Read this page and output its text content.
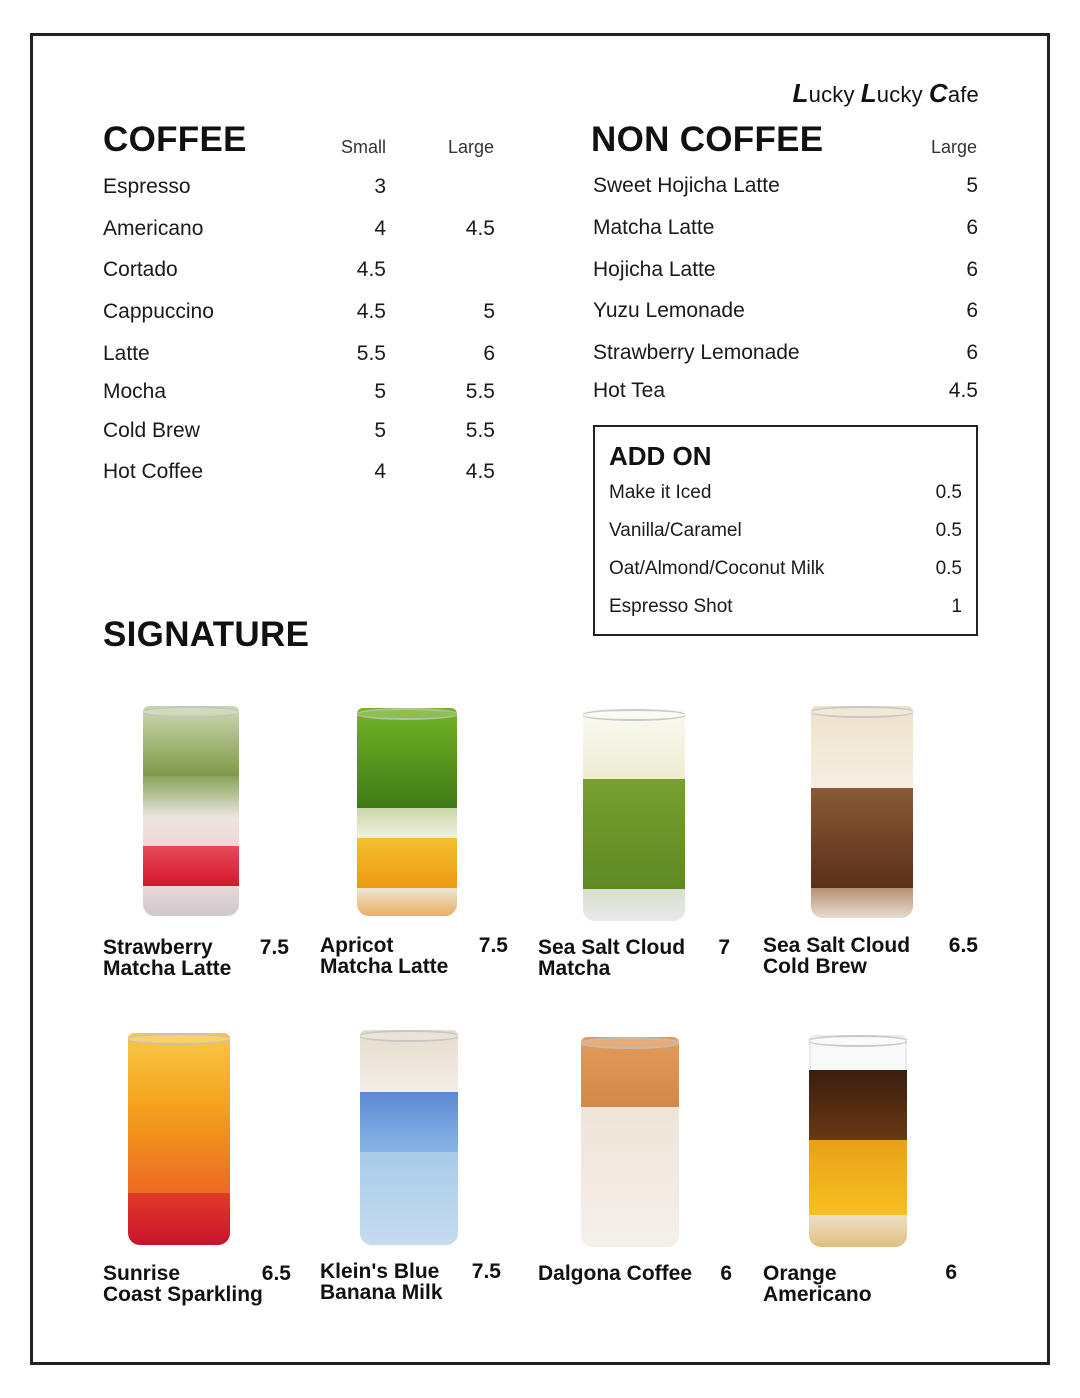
Lucky Lucky Cafe
COFFEE	Small	Large
Espresso	3
Americano	4	4.5
Cortado	4.5
Cappuccino	4.5	5
Latte	5.5	6
Mocha	5	5.5
Cold Brew	5	5.5
Hot Coffee	4	4.5
NON COFFEE	Large
Sweet Hojicha Latte	5
Matcha Latte	6
Hojicha Latte	6
Yuzu Lemonade	6
Strawberry Lemonade	6
Hot Tea	4.5
ADD ON
Make it Iced	0.5
Vanilla/Caramel	0.5
Oat/Almond/Coconut Milk	0.5
Espresso Shot	1
SIGNATURE
Strawberry
Matcha Latte
7.5 Apricot
Matcha Latte
7.5 Sea Salt Cloud
Matcha
7 Sea Salt Cloud
Cold Brew
6.5
Sunrise
Coast Sparkling
6.5 Klein's Blue
Banana Milk
7.5 Dalgona Coffee	6 Orange
Americano
6
